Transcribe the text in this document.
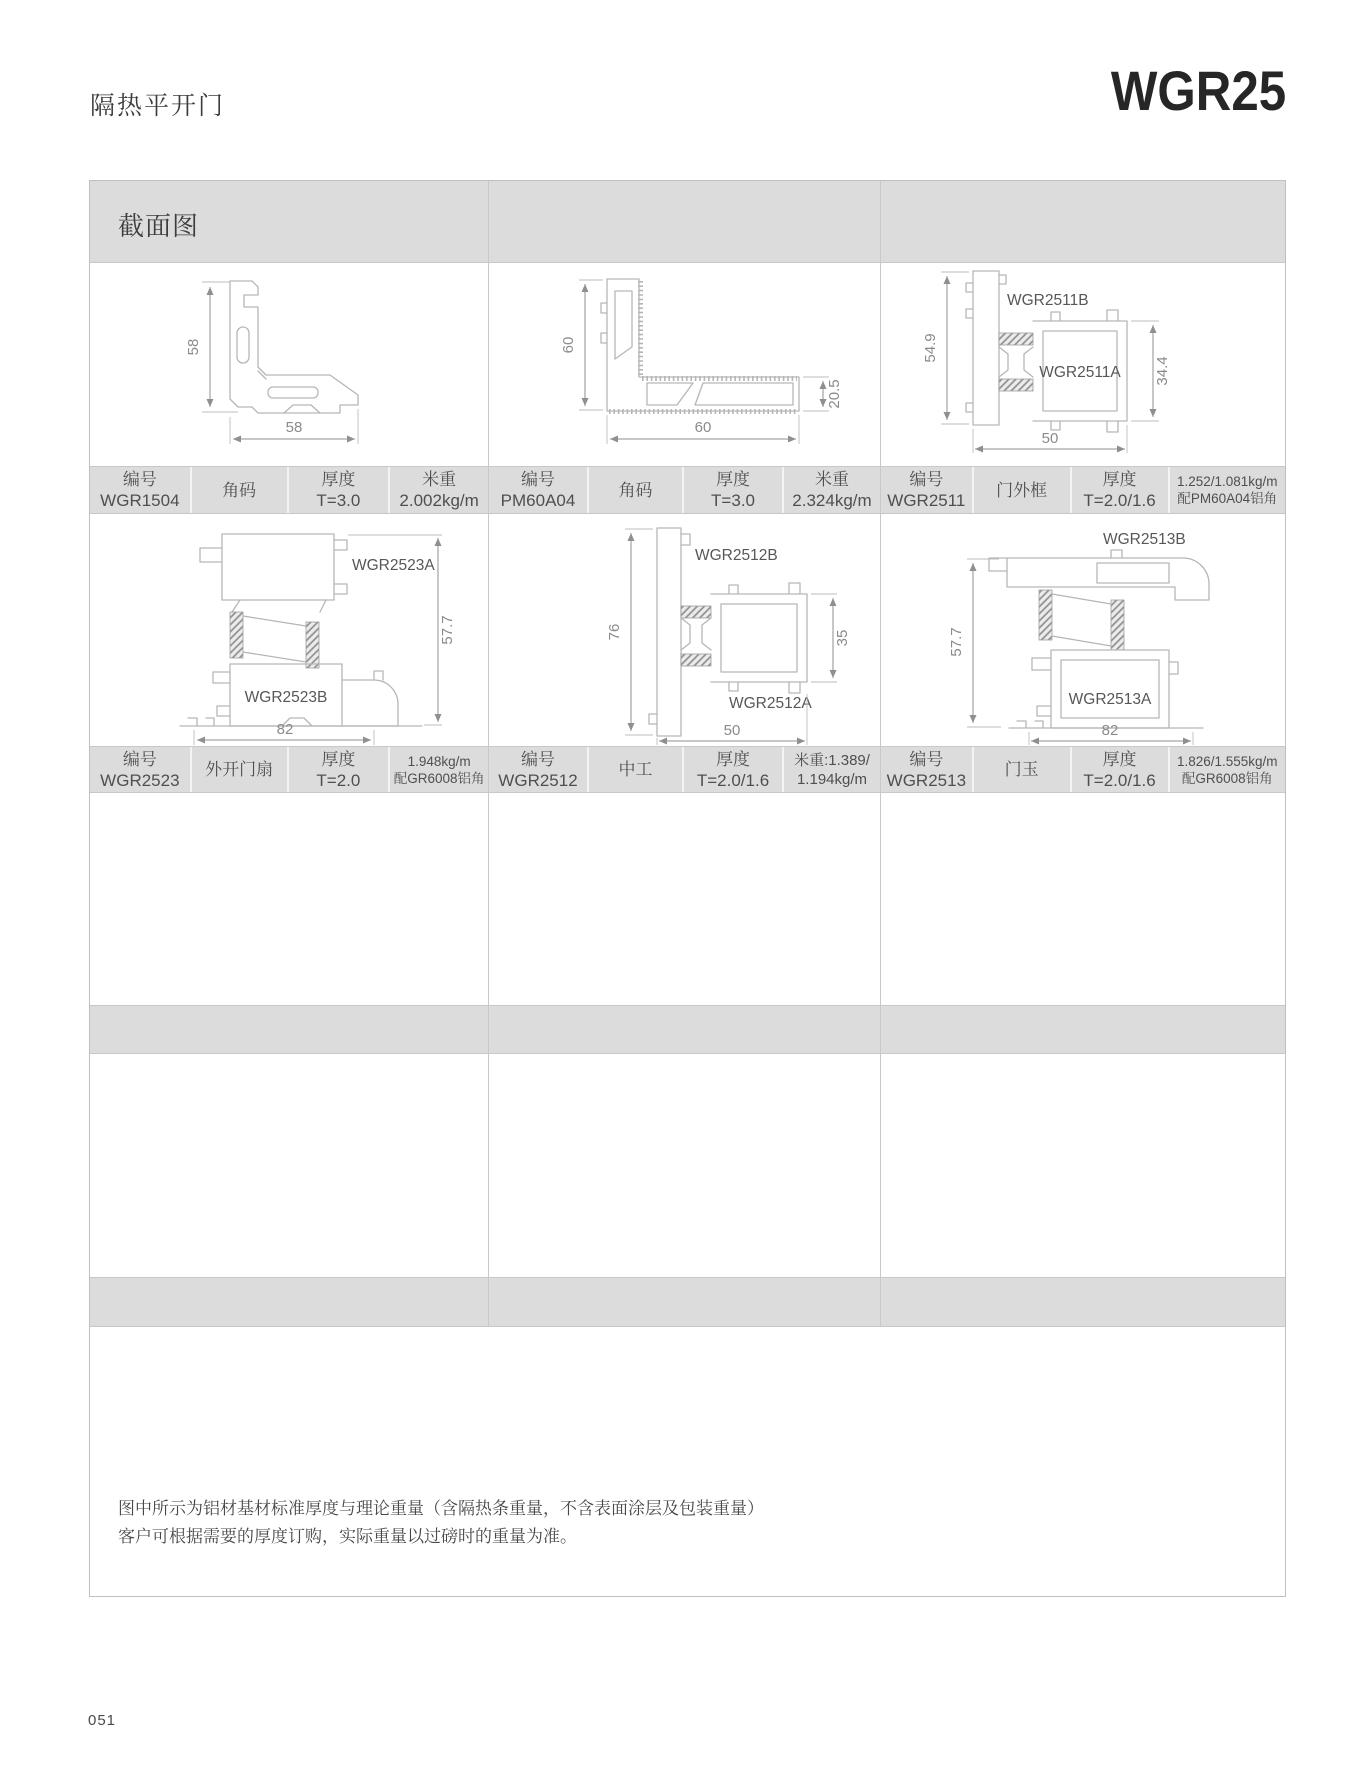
隔热平开门	WGR25
截面图
58
58
60
60
20.5
WGR2511B
WGR2511A
54.9
34.4
50
编号
WGR1504
角码
厚度
T=3.0
米重
2.002kg/m
编号
PM60A04
角码
厚度
T=3.0
米重
2.324kg/m
编号
WGR2511
门外框
厚度
T=2.0/1.6
1.252/1.081kg/m
配PM60A04铝角
WGR2523A
WGR2523B
57.7
82
WGR2512B
WGR2512A
76	35
50
WGR2513B
WGR2513A
57.7
82
编号
WGR2523
外开门扇
厚度
T=2.0
1.948kg/m
配GR6008铝角
编号
WGR2512
中工
厚度
T=2.0/1.6
米重:1.389/
1.194kg/m
编号
WGR2513
门玉
厚度
T=2.0/1.6
1.826/1.555kg/m
配GR6008铝角
图中所示为铝材基材标准厚度与理论重量（含隔热条重量，不含表面涂层及包装重量）
客户可根据需要的厚度订购，实际重量以过磅时的重量为准。
051
